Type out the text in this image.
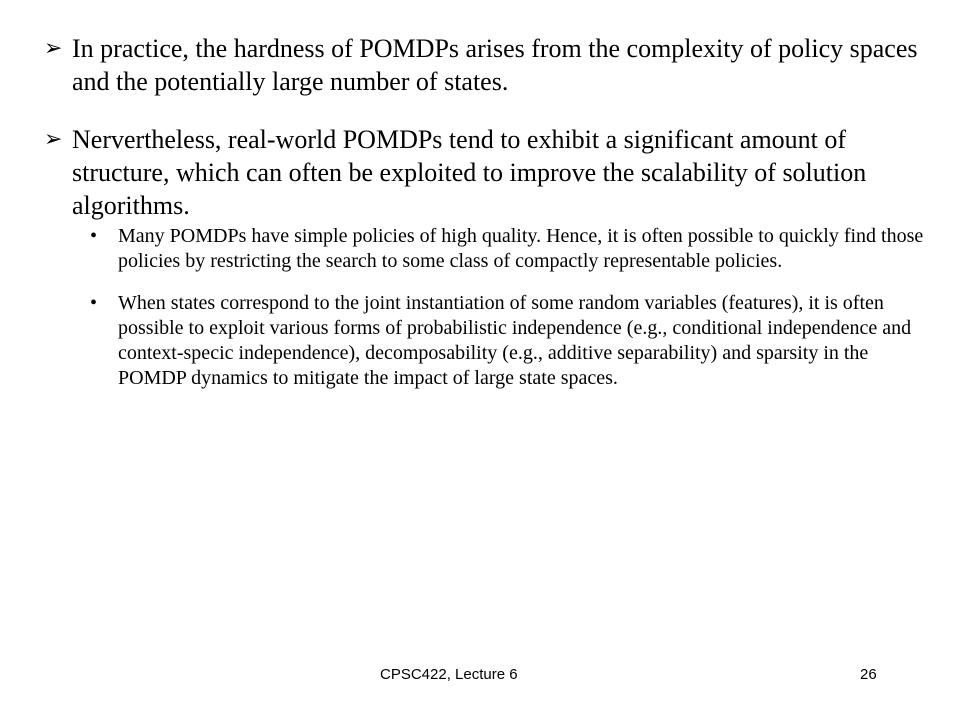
➢ In practice, the hardness of POMDPs arises from the complexity of policy spaces and the potentially large number of states.
➢ Nervertheless, real-world POMDPs tend to exhibit a significant amount of structure, which can often be exploited to improve the scalability of solution algorithms.
• Many POMDPs have simple policies of high quality. Hence, it is often possible to quickly find those policies by restricting the search to some class of compactly representable policies.
• When states correspond to the joint instantiation of some random variables (features), it is often possible to exploit various forms of probabilistic independence (e.g., conditional independence and context-specic independence), decomposability (e.g., additive separability) and sparsity in the POMDP dynamics to mitigate the impact of large state spaces.
CPSC422, Lecture 6	26
